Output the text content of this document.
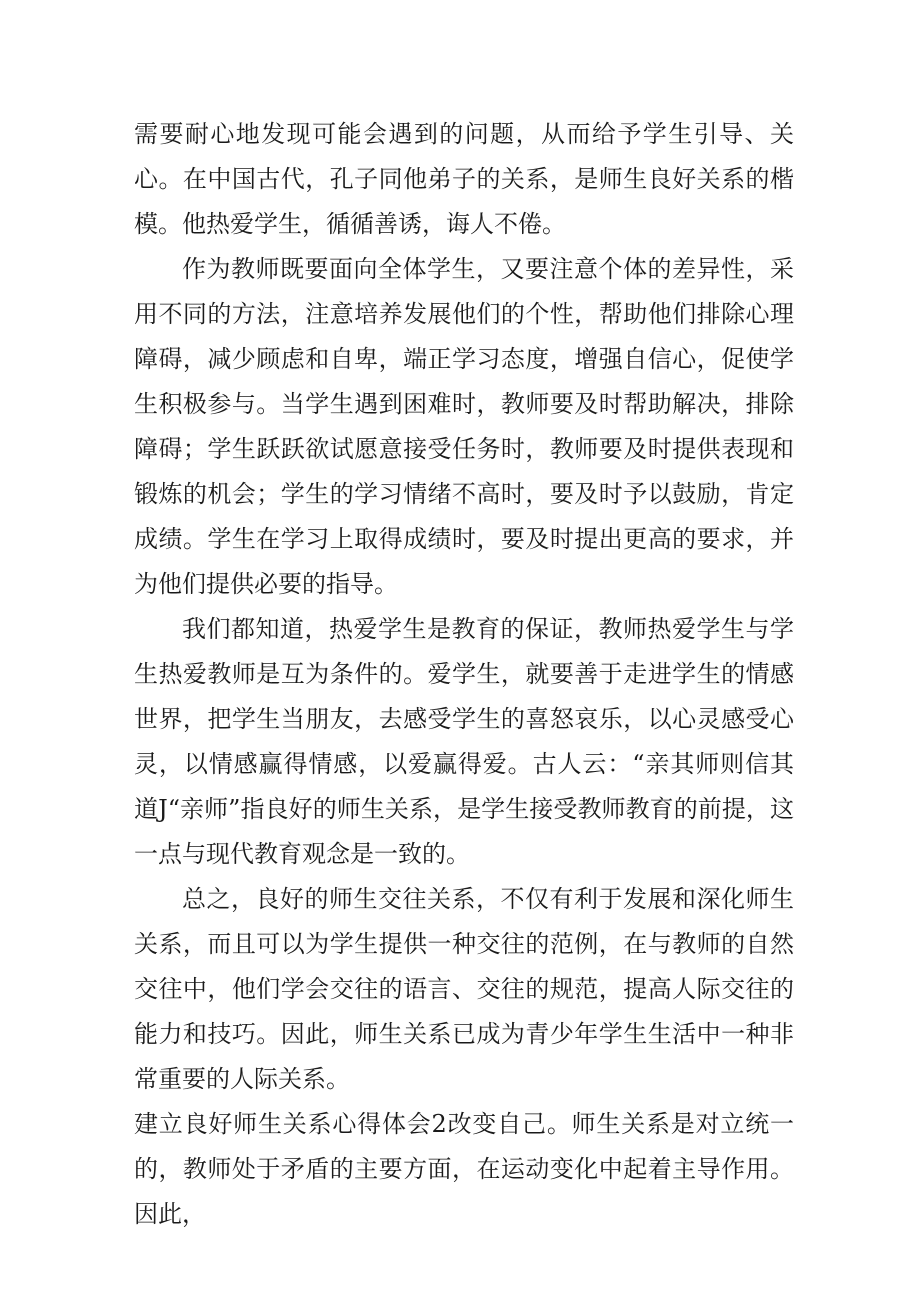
需要耐心地发现可能会遇到的问题，从而给予学生引导、关心。在中国古代，孔子同他弟子的关系，是师生良好关系的楷模。他热爱学生，循循善诱，诲人不倦。

作为教师既要面向全体学生，又要注意个体的差异性，采用不同的方法，注意培养发展他们的个性，帮助他们排除心理障碍，减少顾虑和自卑，端正学习态度，增强自信心，促使学生积极参与。当学生遇到困难时，教师要及时帮助解决，排除障碍；学生跃跃欲试愿意接受任务时，教师要及时提供表现和锻炼的机会；学生的学习情绪不高时，要及时予以鼓励，肯定成绩。学生在学习上取得成绩时，要及时提出更高的要求，并为他们提供必要的指导。

我们都知道，热爱学生是教育的保证，教师热爱学生与学生热爱教师是互为条件的。爱学生，就要善于走进学生的情感世界，把学生当朋友，去感受学生的喜怒哀乐，以心灵感受心灵，以情感赢得情感，以爱赢得爱。古人云：“亲其师则信其道J“亲师”指良好的师生关系，是学生接受教师教育的前提，这一点与现代教育观念是一致的。

总之，良好的师生交往关系，不仅有利于发展和深化师生关系，而且可以为学生提供一种交往的范例，在与教师的自然交往中，他们学会交往的语言、交往的规范，提高人际交往的能力和技巧。因此，师生关系已成为青少年学生生活中一种非常重要的人际关系。

建立良好师生关系心得体会2改变自己。师生关系是对立统一的，教师处于矛盾的主要方面，在运动变化中起着主导作用。因此，
